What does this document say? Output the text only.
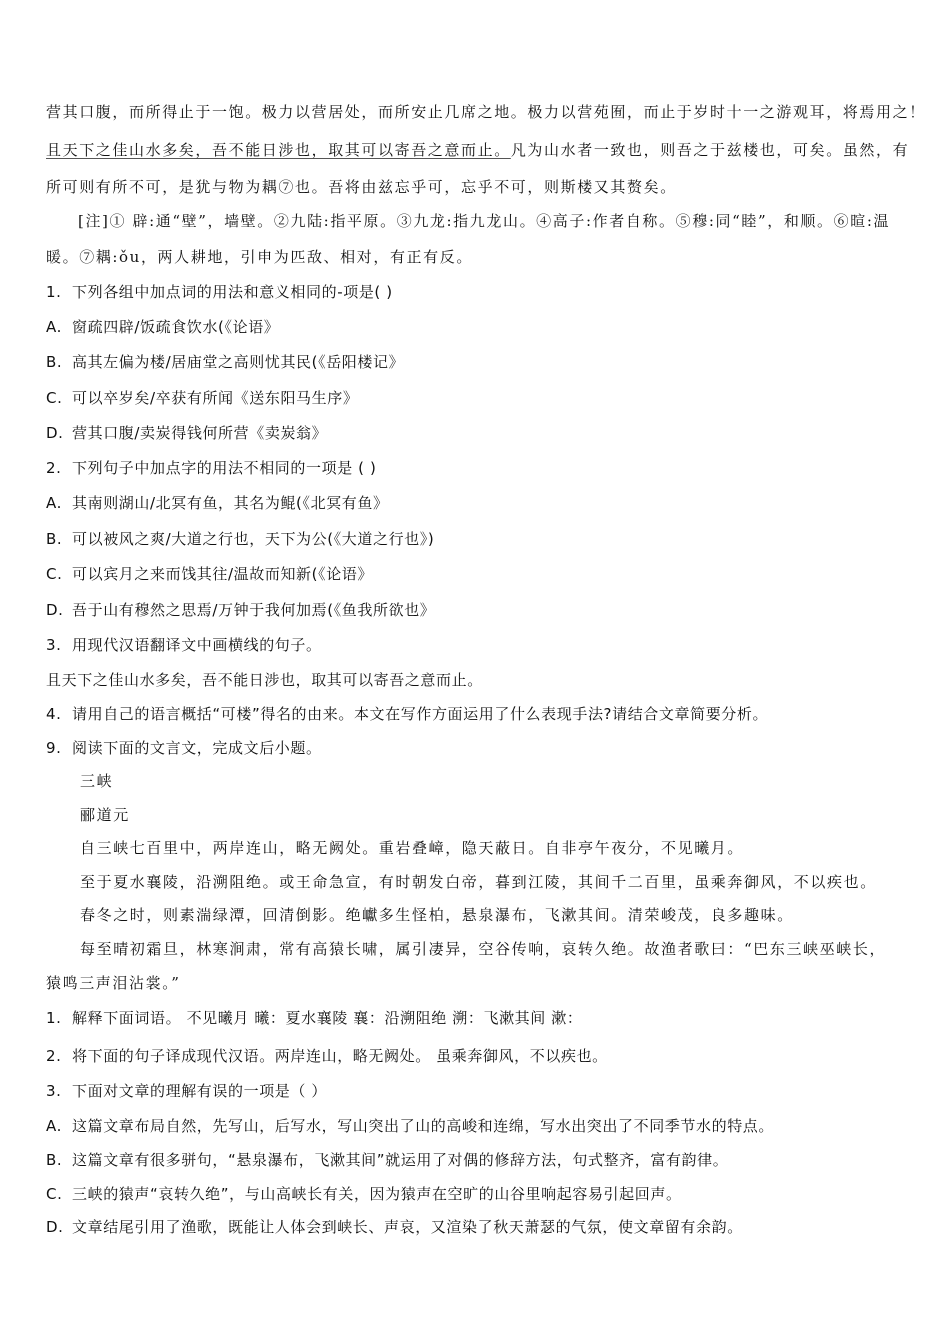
营其口腹，而所得止于一饱。极力以营居处，而所安止几席之地。极力以营苑囿，而止于岁时十一之游观耳，将焉用之！
且天下之佳山水多矣，吾不能日涉也，取其可以寄吾之意而止。凡为山水者一致也，则吾之于兹楼也，可矣。虽然，有
所可则有所不可，是犹与物为耦⑦也。吾将由兹忘乎可，忘乎不可，则斯楼又其赘矣。
[注]① 辟:通“壁”，墙壁。②九陆:指平原。③九龙:指九龙山。④高子:作者自称。⑤穆:同“睦”，和顺。⑥暄:温
暖。⑦耦:ǒu，两人耕地，引申为匹敌、相对，有正有反。
1. 下列各组中加点词的用法和意义相同的-项是( )
A. 窗疏四辟/饭疏食饮水(《论语》
B. 高其左偏为楼/居庙堂之高则忧其民(《岳阳楼记》
C. 可以卒岁矣/卒获有所闻《送东阳马生序》
D. 营其口腹/卖炭得钱何所营《卖炭翁》
2. 下列句子中加点字的用法不相同的一项是 ( )
A. 其南则湖山/北冥有鱼，其名为鲲(《北冥有鱼》
B. 可以被风之爽/大道之行也，天下为公(《大道之行也》)
C. 可以宾月之来而饯其往/温故而知新(《论语》
D. 吾于山有穆然之思焉/万钟于我何加焉(《鱼我所欲也》
3. 用现代汉语翻译文中画横线的句子。
且天下之佳山水多矣，吾不能日涉也，取其可以寄吾之意而止。
4. 请用自己的语言概括“可楼”得名的由来。本文在写作方面运用了什么表现手法?请结合文章简要分析。
9. 阅读下面的文言文，完成文后小题。
三峡
郦道元
自三峡七百里中，两岸连山，略无阙处。重岩叠嶂，隐天蔽日。自非亭午夜分，不见曦月。
至于夏水襄陵，沿溯阻绝。或王命急宣，有时朝发白帝，暮到江陵，其间千二百里，虽乘奔御风，不以疾也。
春冬之时，则素湍绿潭，回清倒影。绝巘多生怪柏，悬泉瀑布，飞漱其间。清荣峻茂，良多趣味。
每至晴初霜旦，林寒涧肃，常有高猿长啸，属引凄异，空谷传响，哀转久绝。故渔者歌曰：“巴东三峡巫峡长，
猿鸣三声泪沾裳。”
1. 解释下面词语。 不见曦月 曦：夏水襄陵 襄：沿溯阻绝 溯：飞漱其间 漱：
2. 将下面的句子译成现代汉语。两岸连山，略无阙处。 虽乘奔御风，不以疾也。
3. 下面对文章的理解有误的一项是（ ）
A. 这篇文章布局自然，先写山，后写水，写山突出了山的高峻和连绵，写水出突出了不同季节水的特点。
B. 这篇文章有很多骈句，“悬泉瀑布，飞漱其间”就运用了对偶的修辞方法，句式整齐，富有韵律。
C. 三峡的猿声“哀转久绝”，与山高峡长有关，因为猿声在空旷的山谷里响起容易引起回声。
D. 文章结尾引用了渔歌，既能让人体会到峡长、声哀，又渲染了秋天萧瑟的气氛，使文章留有余韵。
